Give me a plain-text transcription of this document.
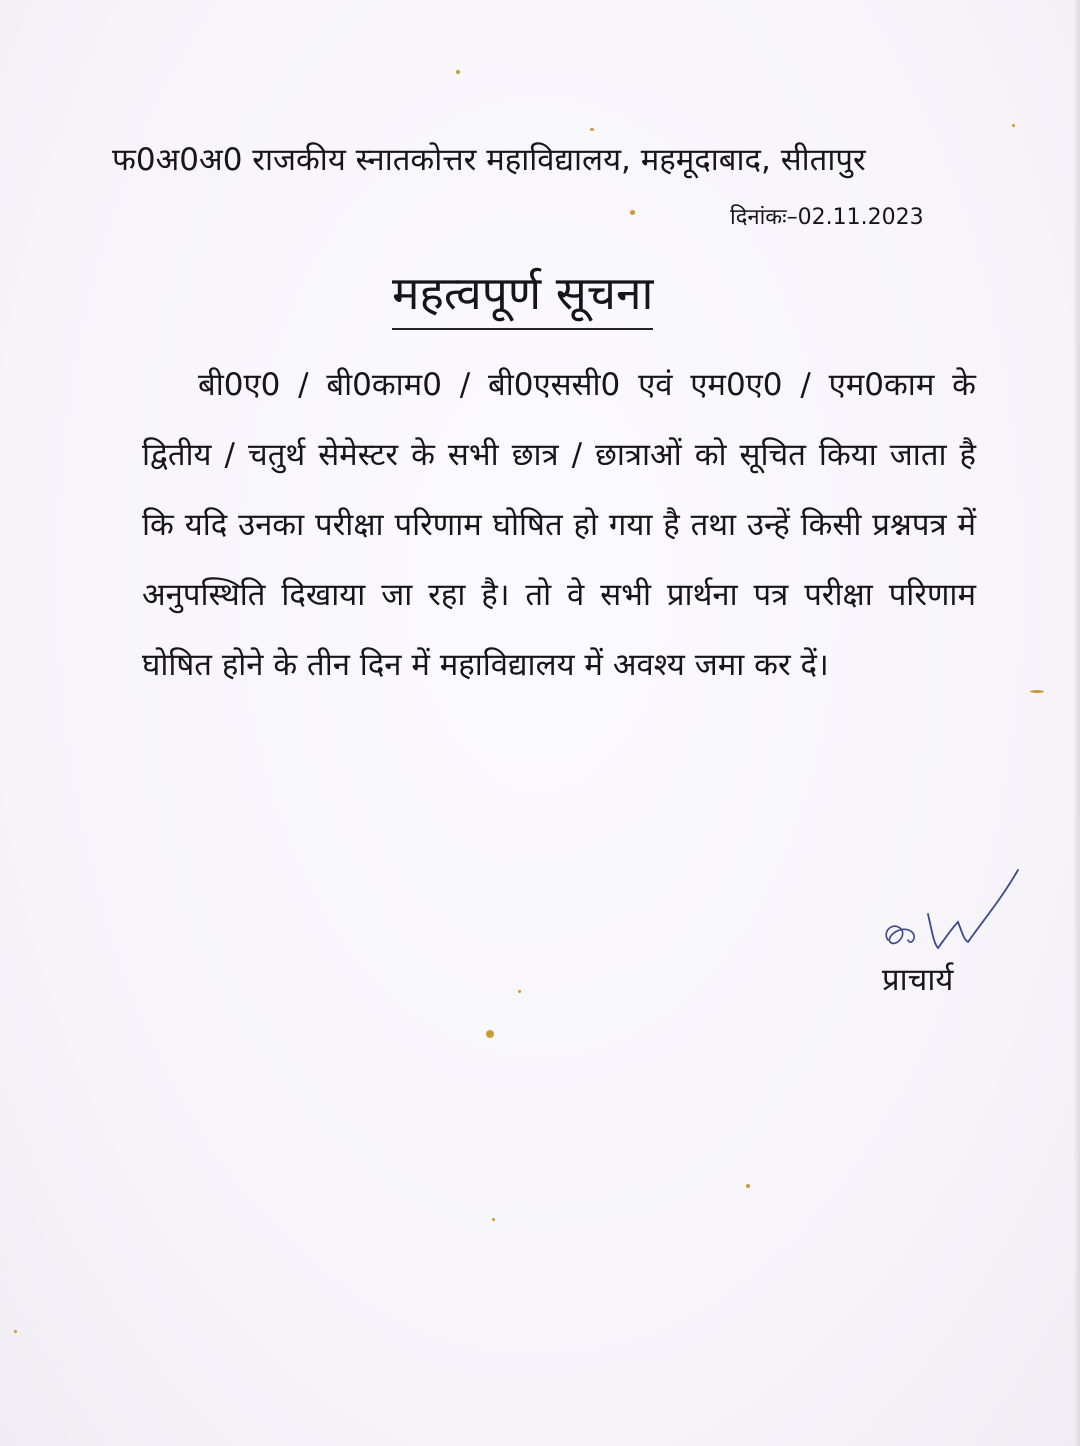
फ0अ0अ0 राजकीय स्नातकोत्तर महाविद्यालय, महमूदाबाद, सीतापुर
दिनांकः–02.11.2023
महत्वपूर्ण सूचना
बी0ए0 / बी0काम0 / बी0एससी0 एवं एम0ए0 / एम0काम के द्वितीय / चतुर्थ सेमेस्टर के सभी छात्र / छात्राओं को सूचित किया जाता है कि यदि उनका परीक्षा परिणाम घोषित हो गया है तथा उन्हें किसी प्रश्नपत्र में अनुपस्थिति दिखाया जा रहा है। तो वे सभी प्रार्थना पत्र परीक्षा परिणाम घोषित होने के तीन दिन में महाविद्यालय में अवश्य जमा कर दें।
प्राचार्य
